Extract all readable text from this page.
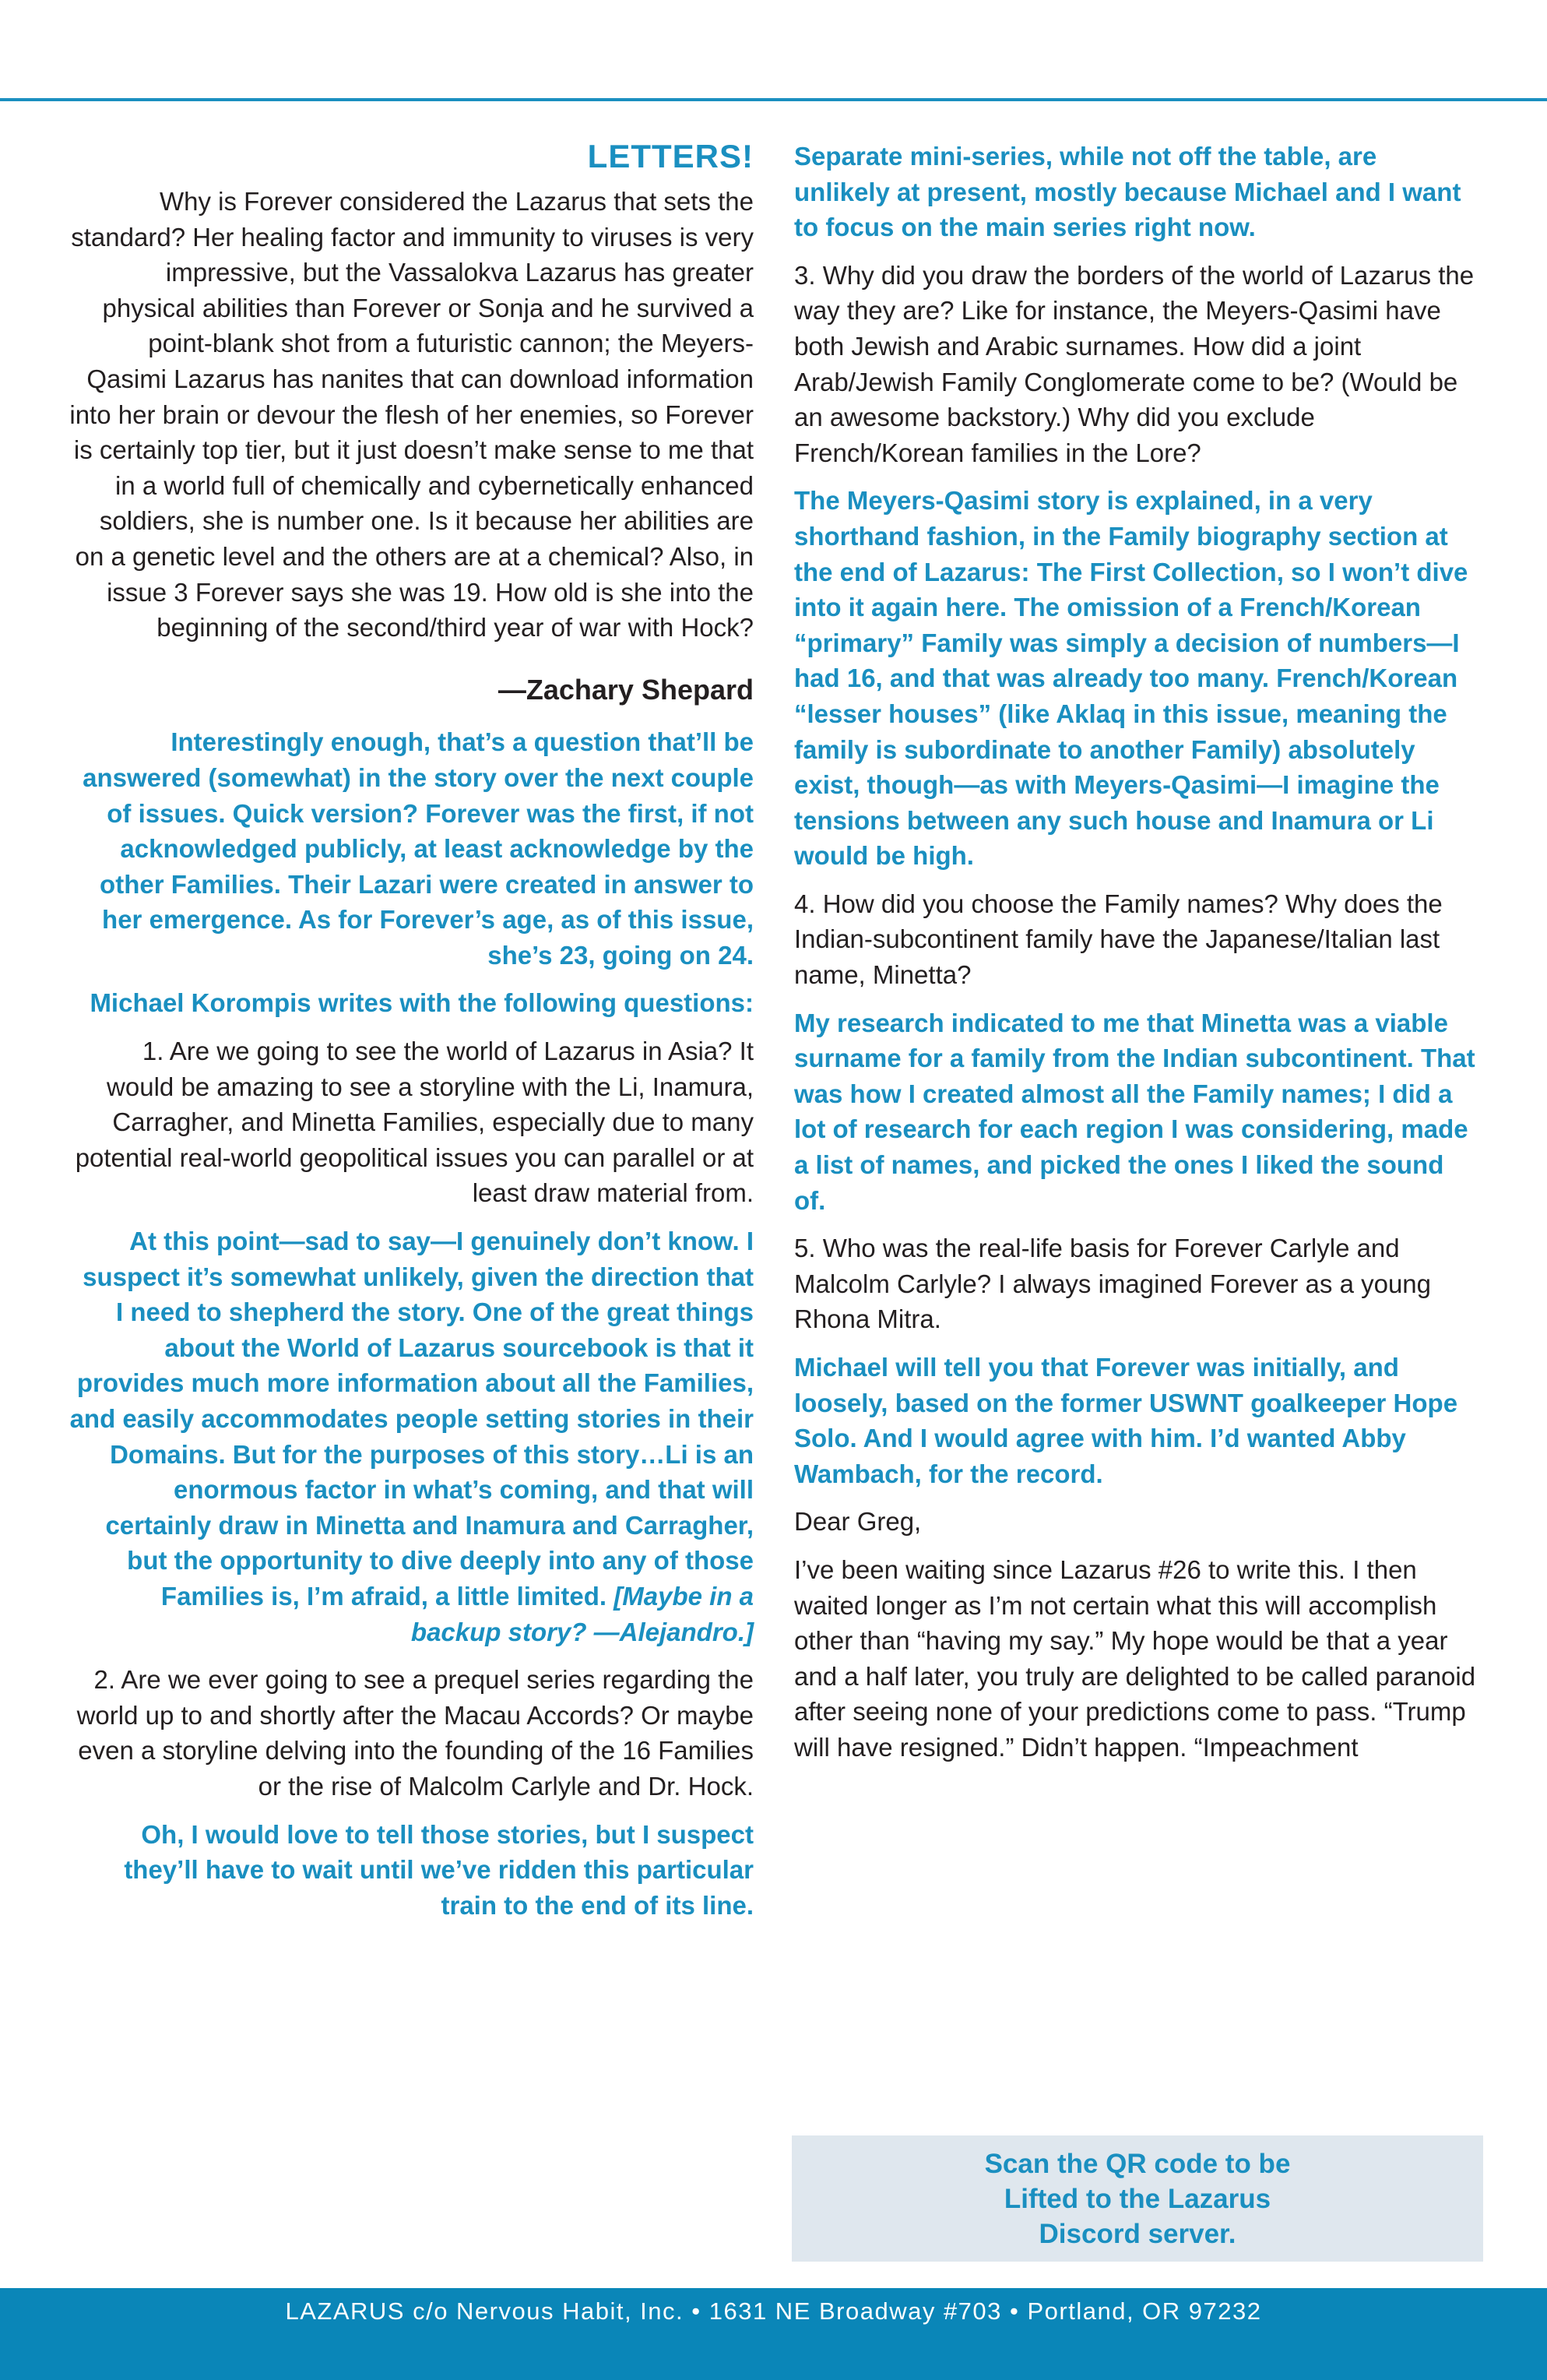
LETTERS!

Why is Forever considered the Lazarus that sets the standard? Her healing factor and immunity to viruses is very impressive, but the Vassalokva Lazarus has greater physical abilities than Forever or Sonja and he survived a point-blank shot from a futuristic cannon; the Meyers-Qasimi Lazarus has nanites that can download information into her brain or devour the flesh of her enemies, so Forever is certainly top tier, but it just doesn’t make sense to me that in a world full of chemically and cybernetically enhanced soldiers, she is number one. Is it because her abilities are on a genetic level and the others are at a chemical? Also, in issue 3 Forever says she was 19. How old is she into the beginning of the second/third year of war with Hock?

—Zachary Shepard

Interestingly enough, that’s a question that’ll be answered (somewhat) in the story over the next couple of issues. Quick version? Forever was the first, if not acknowledged publicly, at least acknowledge by the other Families. Their Lazari were created in answer to her emergence. As for Forever’s age, as of this issue, she’s 23, going on 24.

Michael Korompis writes with the following questions:

1. Are we going to see the world of Lazarus in Asia? It would be amazing to see a storyline with the Li, Inamura, Carragher, and Minetta Families, especially due to many potential real-world geopolitical issues you can parallel or at least draw material from.

At this point—sad to say—I genuinely don’t know. I suspect it’s somewhat unlikely, given the direction that I need to shepherd the story. One of the great things about the World of Lazarus sourcebook is that it provides much more information about all the Families, and easily accommodates people setting stories in their Domains. But for the purposes of this story…Li is an enormous factor in what’s coming, and that will certainly draw in Minetta and Inamura and Carragher, but the opportunity to dive deeply into any of those Families is, I’m afraid, a little limited. [Maybe in a backup story? —Alejandro.]

2. Are we ever going to see a prequel series regarding the world up to and shortly after the Macau Accords? Or maybe even a storyline delving into the founding of the 16 Families or the rise of Malcolm Carlyle and Dr. Hock.

Oh, I would love to tell those stories, but I suspect they’ll have to wait until we’ve ridden this particular train to the end of its line.

Separate mini-series, while not off the table, are unlikely at present, mostly because Michael and I want to focus on the main series right now.

3. Why did you draw the borders of the world of Lazarus the way they are? Like for instance, the Meyers-Qasimi have both Jewish and Arabic surnames. How did a joint Arab/Jewish Family Conglomerate come to be? (Would be an awesome backstory.) Why did you exclude French/Korean families in the Lore?

The Meyers-Qasimi story is explained, in a very shorthand fashion, in the Family biography section at the end of Lazarus: The First Collection, so I won’t dive into it again here. The omission of a French/Korean “primary” Family was simply a decision of numbers—I had 16, and that was already too many. French/Korean “lesser houses” (like Aklaq in this issue, meaning the family is subordinate to another Family) absolutely exist, though—as with Meyers-Qasimi—I imagine the tensions between any such house and Inamura or Li would be high.

4. How did you choose the Family names? Why does the Indian-subcontinent family have the Japanese/Italian last name, Minetta?

My research indicated to me that Minetta was a viable surname for a family from the Indian subcontinent. That was how I created almost all the Family names; I did a lot of research for each region I was considering, made a list of names, and picked the ones I liked the sound of.

5. Who was the real-life basis for Forever Carlyle and Malcolm Carlyle? I always imagined Forever as a young Rhona Mitra.

Michael will tell you that Forever was initially, and loosely, based on the former USWNT goalkeeper Hope Solo. And I would agree with him. I’d wanted Abby Wambach, for the record.

Dear Greg,

I’ve been waiting since Lazarus #26 to write this. I then waited longer as I’m not certain what this will accomplish other than “having my say.” My hope would be that a year and a half later, you truly are delighted to be called paranoid after seeing none of your predictions come to pass. “Trump will have resigned.” Didn’t happen. “Impeachment

Scan the QR code to be
Lifted to the Lazarus
Discord server.
LAZARUS c/o Nervous Habit, Inc. • 1631 NE Broadway #703 • Portland, OR 97232
